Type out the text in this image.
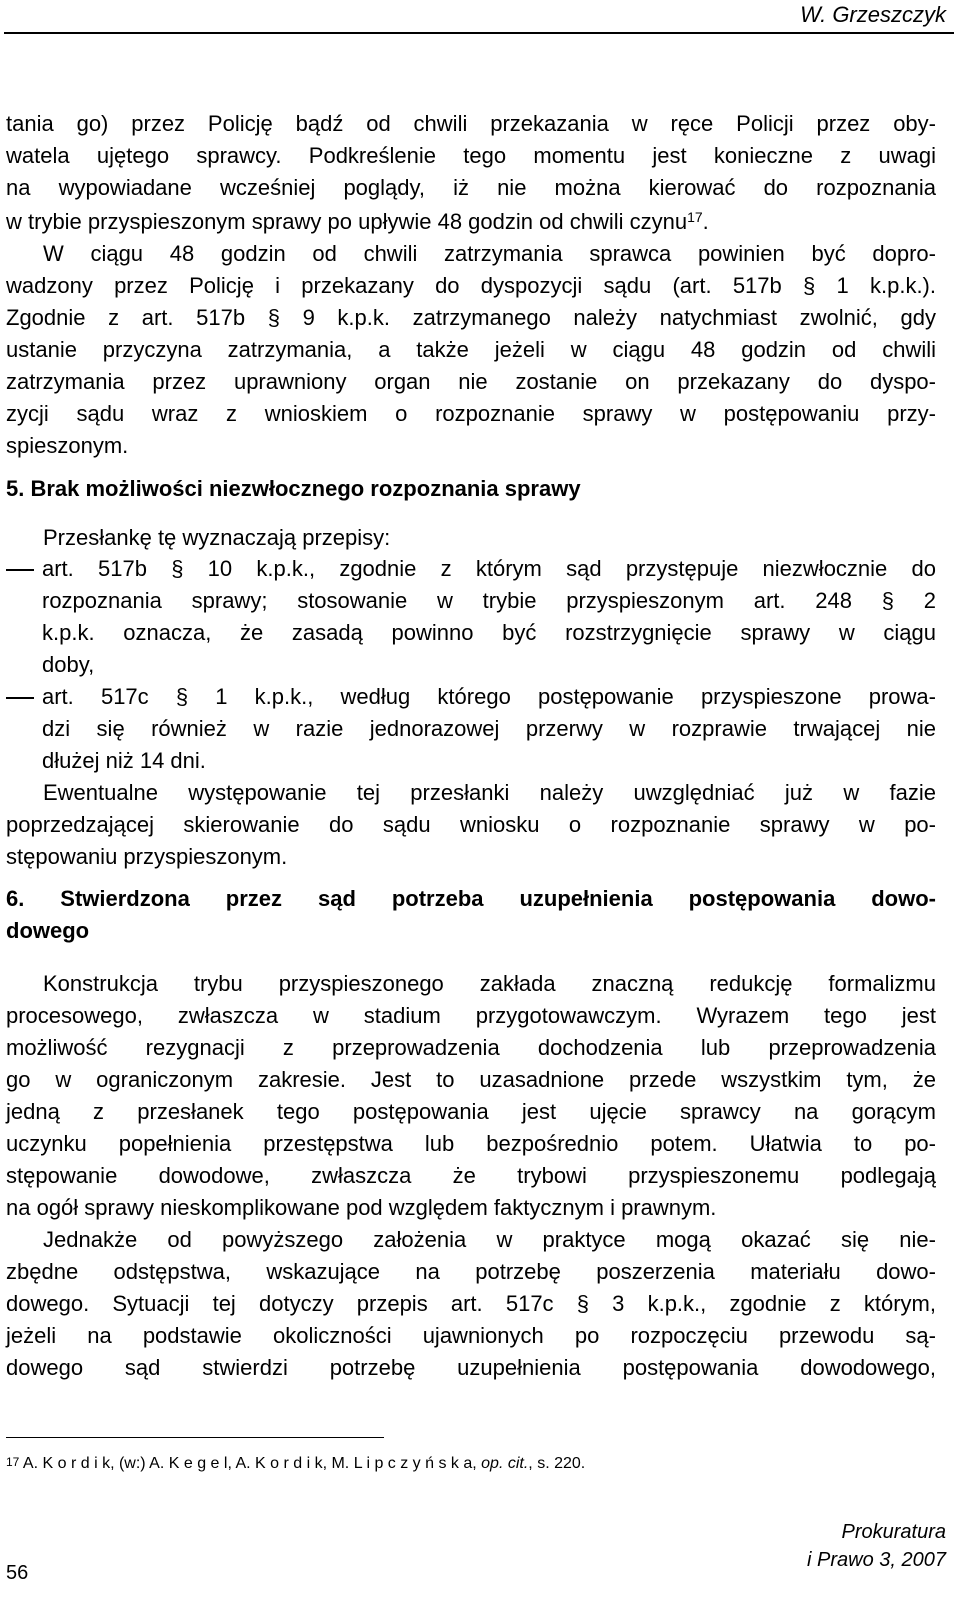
W. Grzeszczyk
tania go) przez Policję bądź od chwili przekazania w ręce Policji przez oby-
watela ujętego sprawcy. Podkreślenie tego momentu jest konieczne z uwagi
na wypowiadane wcześniej poglądy, iż nie można kierować do rozpoznania
w trybie przyspieszonym sprawy po upływie 48 godzin od chwili czynu$^{17}$.
W ciągu 48 godzin od chwili zatrzymania sprawca powinien być dopro-
wadzony przez Policję i przekazany do dyspozycji sądu (art. 517b § 1 k.p.k.).
Zgodnie z art. 517b § 9 k.p.k. zatrzymanego należy natychmiast zwolnić, gdy
ustanie przyczyna zatrzymania, a także jeżeli w ciągu 48 godzin od chwili
zatrzymania przez uprawniony organ nie zostanie on przekazany do dyspo-
zycji sądu wraz z wnioskiem o rozpoznanie sprawy w postępowaniu przy-
spieszonym.
5. Brak możliwości niezwłocznego rozpoznania sprawy
Przesłankę tę wyznaczają przepisy:
art. 517b § 10 k.p.k., zgodnie z którym sąd przystępuje niezwłocznie do
rozpoznania sprawy; stosowanie w trybie przyspieszonym art. 248 § 2
k.p.k. oznacza, że zasadą powinno być rozstrzygnięcie sprawy w ciągu
doby,
art. 517c § 1 k.p.k., według którego postępowanie przyspieszone prowa-
dzi się również w razie jednorazowej przerwy w rozprawie trwającej nie
dłużej niż 14 dni.
Ewentualne występowanie tej przesłanki należy uwzględniać już w fazie
poprzedzającej skierowanie do sądu wniosku o rozpoznanie sprawy w po-
stępowaniu przyspieszonym.
6. Stwierdzona przez sąd potrzeba uzupełnienia postępowania dowo-
dowego
Konstrukcja trybu przyspieszonego zakłada znaczną redukcję formalizmu
procesowego, zwłaszcza w stadium przygotowawczym. Wyrazem tego jest
możliwość rezygnacji z przeprowadzenia dochodzenia lub przeprowadzenia
go w ograniczonym zakresie. Jest to uzasadnione przede wszystkim tym, że
jedną z przesłanek tego postępowania jest ujęcie sprawcy na gorącym
uczynku popełnienia przestępstwa lub bezpośrednio potem. Ułatwia to po-
stępowanie dowodowe, zwłaszcza że trybowi przyspieszonemu podlegają
na ogół sprawy nieskomplikowane pod względem faktycznym i prawnym.
Jednakże od powyższego założenia w praktyce mogą okazać się nie-
zbędne odstępstwa, wskazujące na potrzebę poszerzenia materiału dowo-
dowego. Sytuacji tej dotyczy przepis art. 517c § 3 k.p.k., zgodnie z którym,
jeżeli na podstawie okoliczności ujawnionych po rozpoczęciu przewodu są-
dowego sąd stwierdzi potrzebę uzupełnienia postępowania dowodowego,
$^{17}$ A. K o r d i k, (w:) A. K e g e l, A. K o r d i k, M. L i p c z y ń s k a, op. cit., s. 220.
56
Prokuratura
i Prawo 3, 2007
